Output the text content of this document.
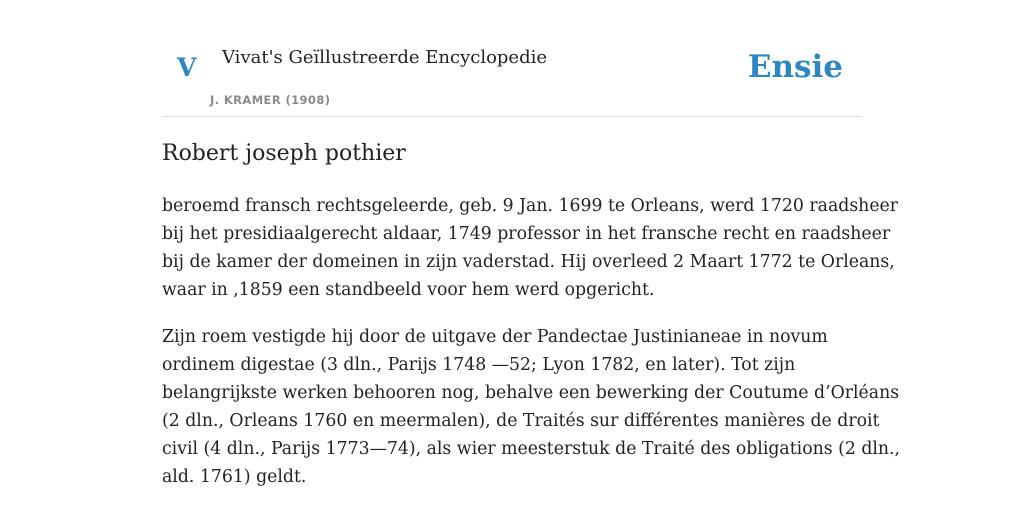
V Vivat's Geïllustreerde Encyclopedie
J. KRAMER (1908)
Ensie
Robert joseph pothier

beroemd fransch rechtsgeleerde, geb. 9 Jan. 1699 te Orleans, werd 1720 raadsheer
bij het presidiaalgerecht aldaar, 1749 professor in het fransche recht en raadsheer
bij de kamer der domeinen in zijn vaderstad. Hij overleed 2 Maart 1772 te Orleans,
waar in ,1859 een standbeeld voor hem werd opgericht.

Zijn roem vestigde hij door de uitgave der Pandectae Justinianeae in novum
ordinem digestae (3 dln., Parijs 1748 —52; Lyon 1782, en later). Tot zijn
belangrijkste werken behooren nog, behalve een bewerking der Coutume d’Orléans
(2 dln., Orleans 1760 en meermalen), de Traités sur différentes manières de droit
civil (4 dln., Parijs 1773—74), als wier meesterstuk de Traité des obligations (2 dln.,
ald. 1761) geldt.
